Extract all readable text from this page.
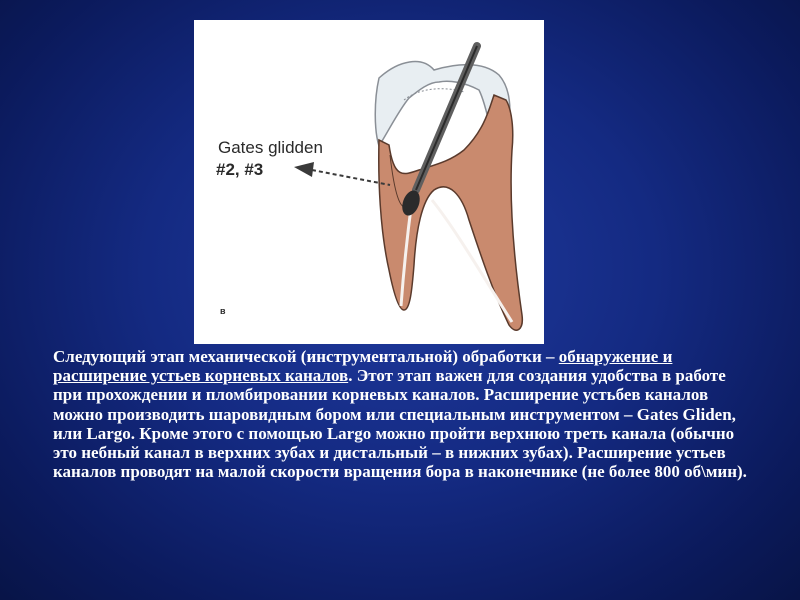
Gates glidden
#2, #3
в
Следующий этап механической (инструментальной) обработки – обнаружение и расширение устьев корневых каналов. Этот этап важен для создания удобства в работе при прохождении и пломбировании корневых каналов. Расширение устьбев каналов можно производить шаровидным бором или специальным инструментом – Gates Gliden, или Largo. Кроме этого с помощью Largo можно пройти верхнюю треть канала (обычно это небный канал в верхних зубах и дистальный – в нижних зубах). Расширение устьев каналов проводят на малой скорости вращения бора в наконечнике (не более 800 об\мин).
